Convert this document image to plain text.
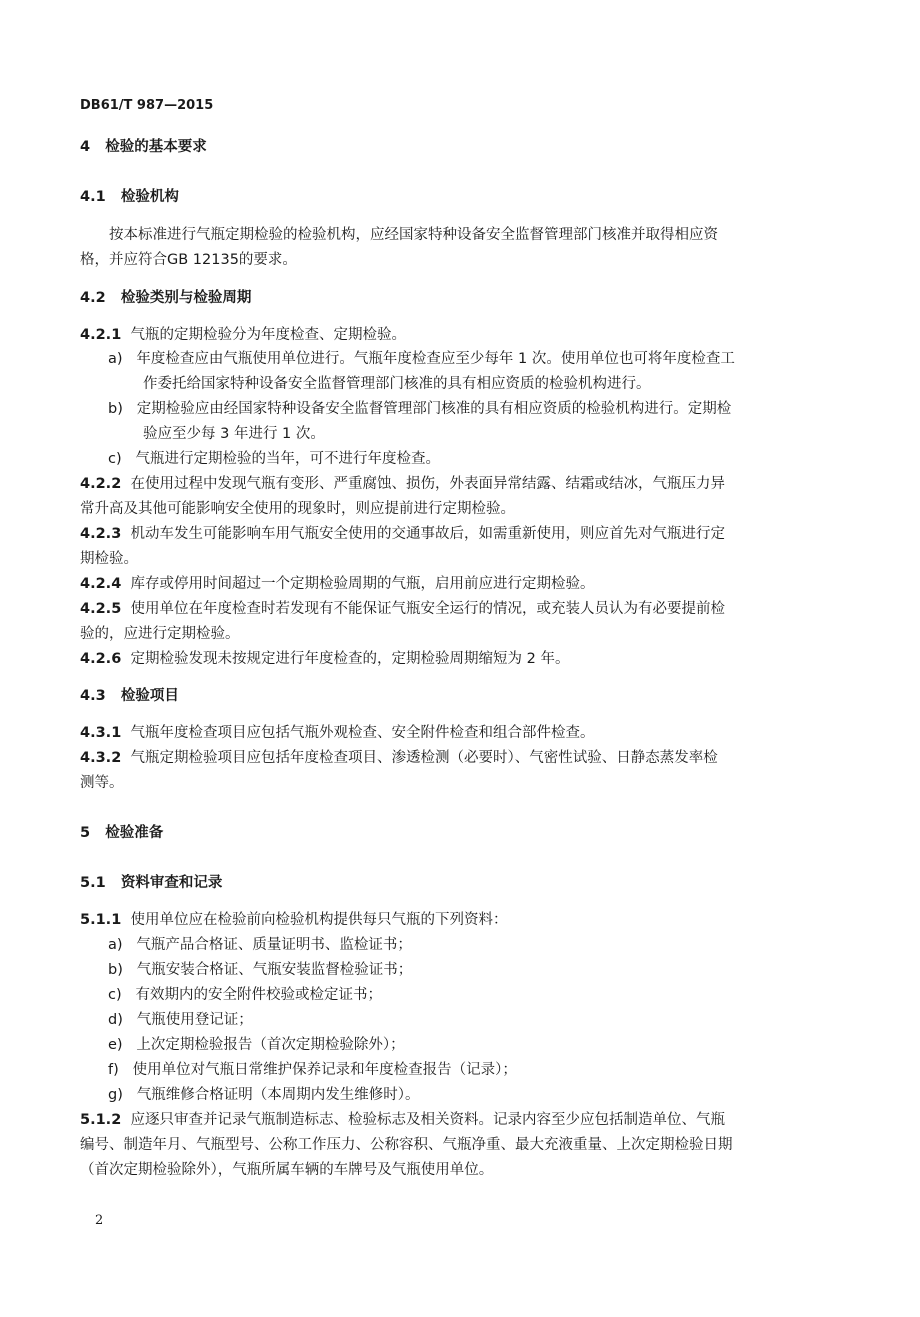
DB61/T 987—2015
4 检验的基本要求
4.1 检验机构
按本标准进行气瓶定期检验的检验机构，应经国家特种设备安全监督管理部门核准并取得相应资
格，并应符合GB 12135的要求。
4.2 检验类别与检验周期
4.2.1 气瓶的定期检验分为年度检查、定期检验。
a) 年度检查应由气瓶使用单位进行。气瓶年度检查应至少每年 1 次。使用单位也可将年度检查工
作委托给国家特种设备安全监督管理部门核准的具有相应资质的检验机构进行。
b) 定期检验应由经国家特种设备安全监督管理部门核准的具有相应资质的检验机构进行。定期检
验应至少每 3 年进行 1 次。
c) 气瓶进行定期检验的当年，可不进行年度检查。
4.2.2 在使用过程中发现气瓶有变形、严重腐蚀、损伤，外表面异常结露、结霜或结冰，气瓶压力异
常升高及其他可能影响安全使用的现象时，则应提前进行定期检验。
4.2.3 机动车发生可能影响车用气瓶安全使用的交通事故后，如需重新使用，则应首先对气瓶进行定
期检验。
4.2.4 库存或停用时间超过一个定期检验周期的气瓶，启用前应进行定期检验。
4.2.5 使用单位在年度检查时若发现有不能保证气瓶安全运行的情况，或充装人员认为有必要提前检
验的，应进行定期检验。
4.2.6 定期检验发现未按规定进行年度检查的，定期检验周期缩短为 2 年。
4.3 检验项目
4.3.1 气瓶年度检查项目应包括气瓶外观检查、安全附件检查和组合部件检查。
4.3.2 气瓶定期检验项目应包括年度检查项目、渗透检测（必要时）、气密性试验、日静态蒸发率检
测等。
5 检验准备
5.1 资料审查和记录
5.1.1 使用单位应在检验前向检验机构提供每只气瓶的下列资料：
a) 气瓶产品合格证、质量证明书、监检证书；
b) 气瓶安装合格证、气瓶安装监督检验证书；
c) 有效期内的安全附件校验或检定证书；
d) 气瓶使用登记证；
e) 上次定期检验报告（首次定期检验除外）；
f) 使用单位对气瓶日常维护保养记录和年度检查报告（记录）；
g) 气瓶维修合格证明（本周期内发生维修时）。
5.1.2 应逐只审查并记录气瓶制造标志、检验标志及相关资料。记录内容至少应包括制造单位、气瓶
编号、制造年月、气瓶型号、公称工作压力、公称容积、气瓶净重、最大充液重量、上次定期检验日期
（首次定期检验除外），气瓶所属车辆的车牌号及气瓶使用单位。
2
